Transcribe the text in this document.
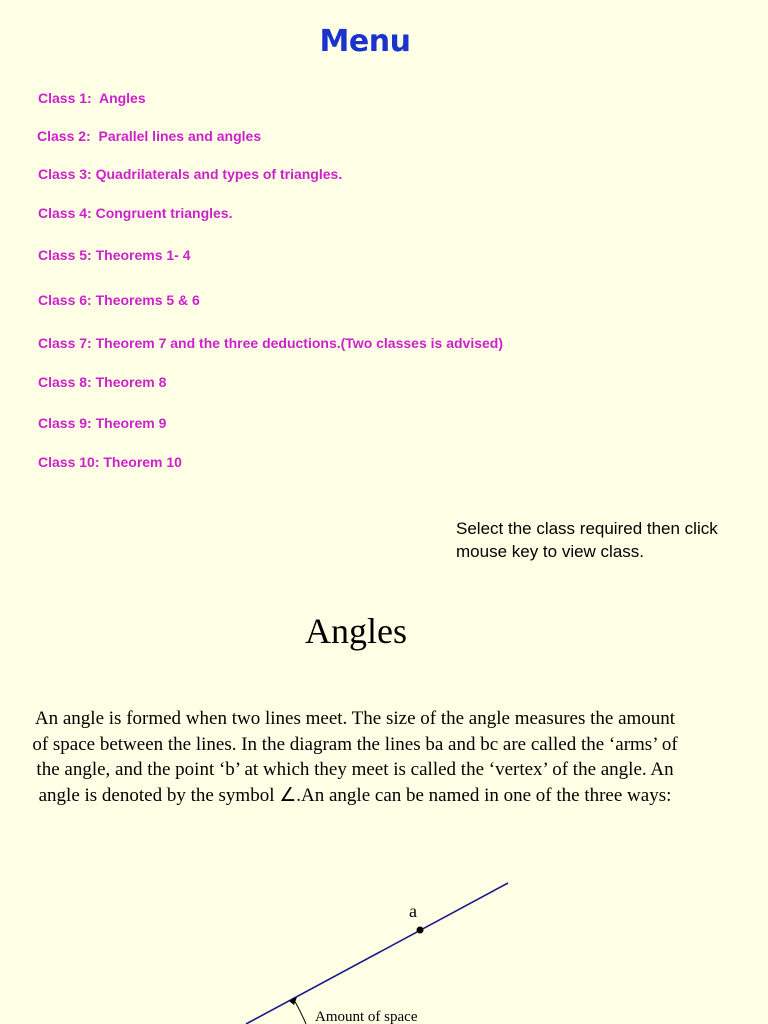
Menu
Class 1:  Angles
Class 2:  Parallel lines and angles
Class 3: Quadrilaterals and types of triangles.
Class 4: Congruent triangles.
Class 5: Theorems 1- 4
Class 6: Theorems 5 & 6
Class 7: Theorem 7 and the three deductions.(Two classes is advised)
Class 8: Theorem 8
Class 9: Theorem 9
Class 10: Theorem 10
Select the class required then click mouse key to view class.
Angles
An angle is formed when two lines meet. The size of the angle measures the amount of space between the lines. In the diagram the lines ba and bc are called the ‘arms’ of the angle, and the point ‘b’ at which they meet is called the ‘vertex’ of the angle. An angle is denoted by the symbol ∠.An angle can be named in one of the three ways:
a
Amount of space
